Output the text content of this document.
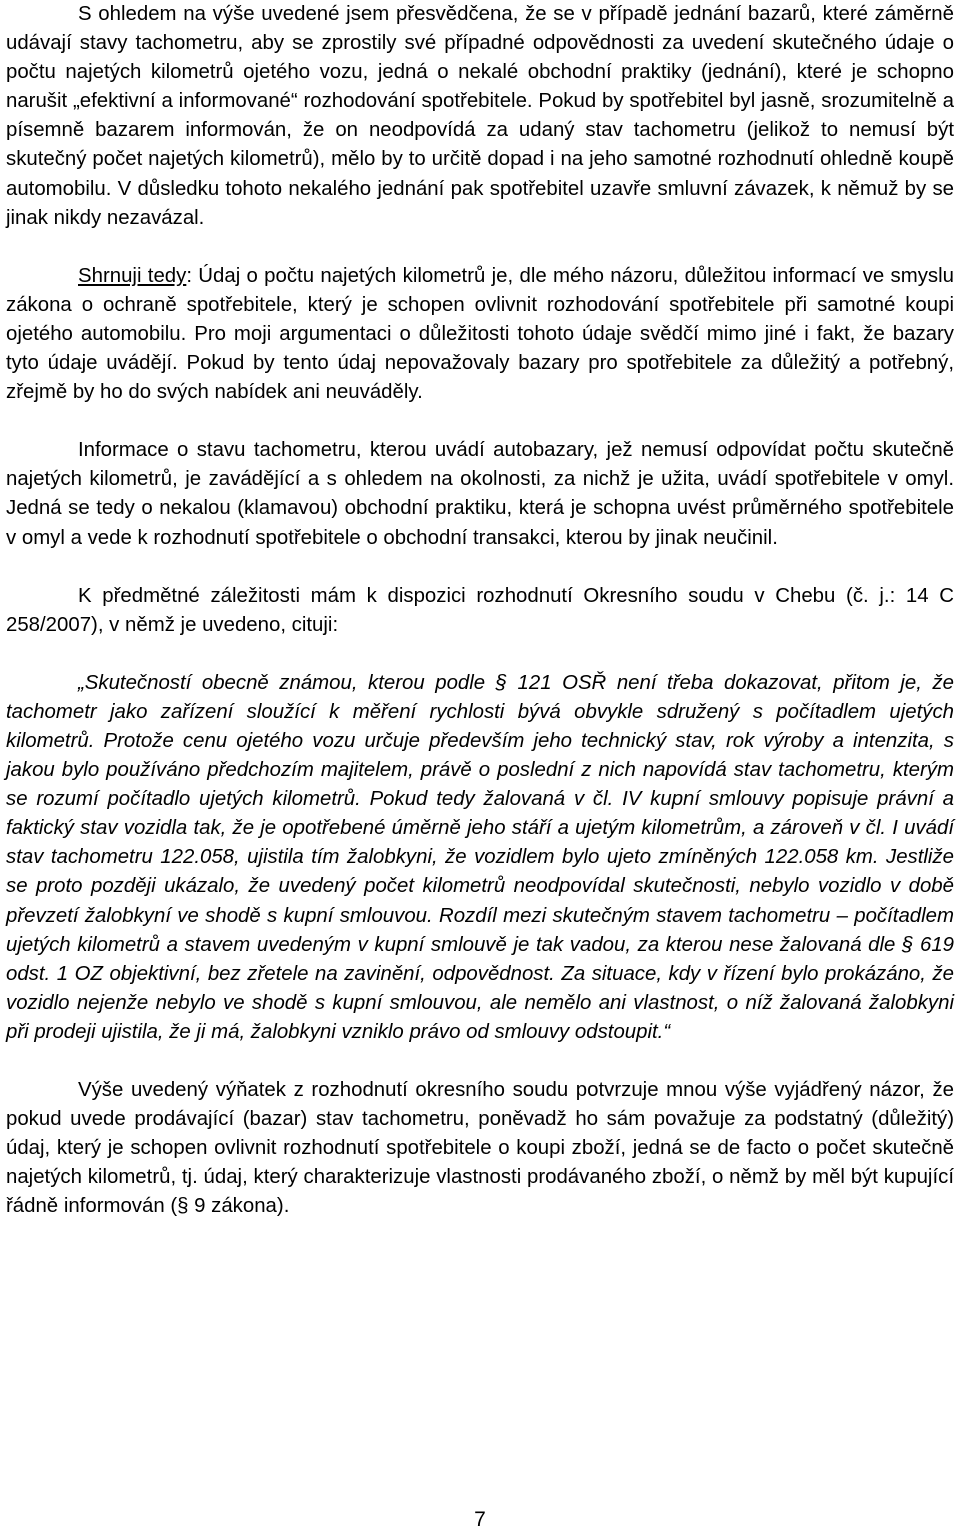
S ohledem na výše uvedené jsem přesvědčena, že se v případě jednání bazarů, které záměrně udávají stavy tachometru, aby se zprostily své případné odpovědnosti za uvedení skutečného údaje o počtu najetých kilometrů ojetého vozu, jedná o nekalé obchodní praktiky (jednání), které je schopno narušit „efektivní a informované“ rozhodování spotřebitele. Pokud by spotřebitel byl jasně, srozumitelně a písemně bazarem informován, že on neodpovídá za udaný stav tachometru (jelikož to nemusí být skutečný počet najetých kilometrů), mělo by to určitě dopad i na jeho samotné rozhodnutí ohledně koupě automobilu. V důsledku tohoto nekalého jednání pak spotřebitel uzavře smluvní závazek, k němuž by se jinak nikdy nezavázal.

Shrnuji tedy: Údaj o počtu najetých kilometrů je, dle mého názoru, důležitou informací ve smyslu zákona o ochraně spotřebitele, který je schopen ovlivnit rozhodování spotřebitele při samotné koupi ojetého automobilu. Pro moji argumentaci o důležitosti tohoto údaje svědčí mimo jiné i fakt, že bazary tyto údaje uvádějí. Pokud by tento údaj nepovažovaly bazary pro spotřebitele za důležitý a potřebný, zřejmě by ho do svých nabídek ani neuváděly.

Informace o stavu tachometru, kterou uvádí autobazary, jež nemusí odpovídat počtu skutečně najetých kilometrů, je zavádějící a s ohledem na okolnosti, za nichž je užita, uvádí spotřebitele v omyl. Jedná se tedy o nekalou (klamavou) obchodní praktiku, která je schopna uvést průměrného spotřebitele v omyl a vede k rozhodnutí spotřebitele o obchodní transakci, kterou by jinak neučinil.

K předmětné záležitosti mám k dispozici rozhodnutí Okresního soudu v Chebu (č. j.: 14 C 258/2007), v němž je uvedeno, cituji:

„Skutečností obecně známou, kterou podle § 121 OSŘ není třeba dokazovat, přitom je, že tachometr jako zařízení sloužící k měření rychlosti bývá obvykle sdružený s počítadlem ujetých kilometrů. Protože cenu ojetého vozu určuje především jeho technický stav, rok výroby a intenzita, s jakou bylo používáno předchozím majitelem, právě o poslední z nich napovídá stav tachometru, kterým se rozumí počítadlo ujetých kilometrů. Pokud tedy žalovaná v čl. IV kupní smlouvy popisuje právní a faktický stav vozidla tak, že je opotřebené úměrně jeho stáří a ujetým kilometrům, a zároveň v čl. I uvádí stav tachometru 122.058, ujistila tím žalobkyni, že vozidlem bylo ujeto zmíněných 122.058 km. Jestliže se proto později ukázalo, že uvedený počet kilometrů neodpovídal skutečnosti, nebylo vozidlo v době převzetí žalobkyní ve shodě s kupní smlouvou. Rozdíl mezi skutečným stavem tachometru – počítadlem ujetých kilometrů a stavem uvedeným v kupní smlouvě je tak vadou, za kterou nese žalovaná dle § 619 odst. 1 OZ objektivní, bez zřetele na zavinění, odpovědnost. Za situace, kdy v řízení bylo prokázáno, že vozidlo nejenže nebylo ve shodě s kupní smlouvou, ale nemělo ani vlastnost, o níž žalovaná žalobkyni při prodeji ujistila, že ji má, žalobkyni vzniklo právo od smlouvy odstoupit.“

Výše uvedený výňatek z rozhodnutí okresního soudu potvrzuje mnou výše vyjádřený názor, že pokud uvede prodávající (bazar) stav tachometru, poněvadž ho sám považuje za podstatný (důležitý) údaj, který je schopen ovlivnit rozhodnutí spotřebitele o koupi zboží, jedná se de facto o počet skutečně najetých kilometrů, tj. údaj, který charakterizuje vlastnosti prodávaného zboží, o němž by měl být kupující řádně informován (§ 9 zákona).

7
